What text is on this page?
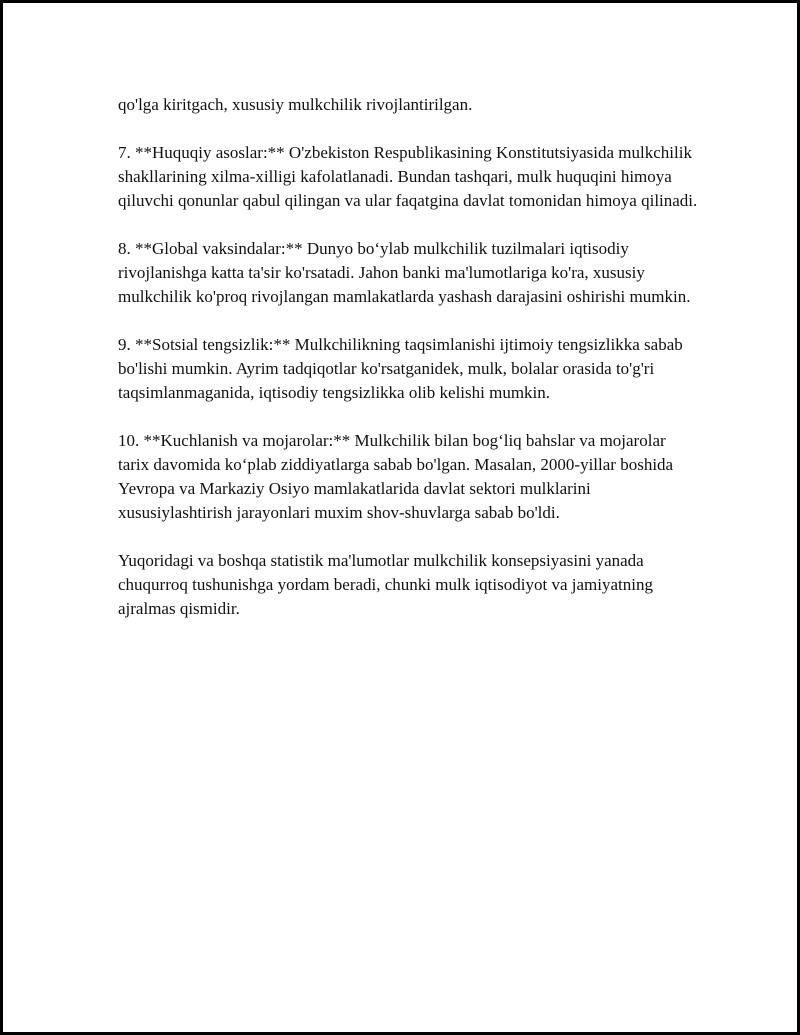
qo'lga kiritgach, xususiy mulkchilik rivojlantirilgan.

7. **Huquqiy asoslar:** O'zbekiston Respublikasining Konstitutsiyasida mulkchilik shakllarining xilma-xilligi kafolatlanadi. Bundan tashqari, mulk huquqini himoya qiluvchi qonunlar qabul qilingan va ular faqatgina davlat tomonidan himoya qilinadi.

8. **Global vaksindalar:** Dunyo bo‘ylab mulkchilik tuzilmalari iqtisodiy rivojlanishga katta ta'sir ko'rsatadi. Jahon banki ma'lumotlariga ko'ra, xususiy mulkchilik ko'proq rivojlangan mamlakatlarda yashash darajasini oshirishi mumkin.

9. **Sotsial tengsizlik:** Mulkchilikning taqsimlanishi ijtimoiy tengsizlikka sabab bo'lishi mumkin. Ayrim tadqiqotlar ko'rsatganidek, mulk, bolalar orasida to'g'ri taqsimlanmaganida, iqtisodiy tengsizlikka olib kelishi mumkin.

10. **Kuchlanish va mojarolar:** Mulkchilik bilan bog‘liq bahslar va mojarolar tarix davomida ko‘plab ziddiyatlarga sabab bo'lgan. Masalan, 2000-yillar boshida Yevropa va Markaziy Osiyo mamlakatlarida davlat sektori mulklarini xususiylashtirish jarayonlari muxim shov-shuvlarga sabab bo'ldi.

Yuqoridagi va boshqa statistik ma'lumotlar mulkchilik konsepsiyasini yanada chuqurroq tushunishga yordam beradi, chunki mulk iqtisodiyot va jamiyatning ajralmas qismidir.
